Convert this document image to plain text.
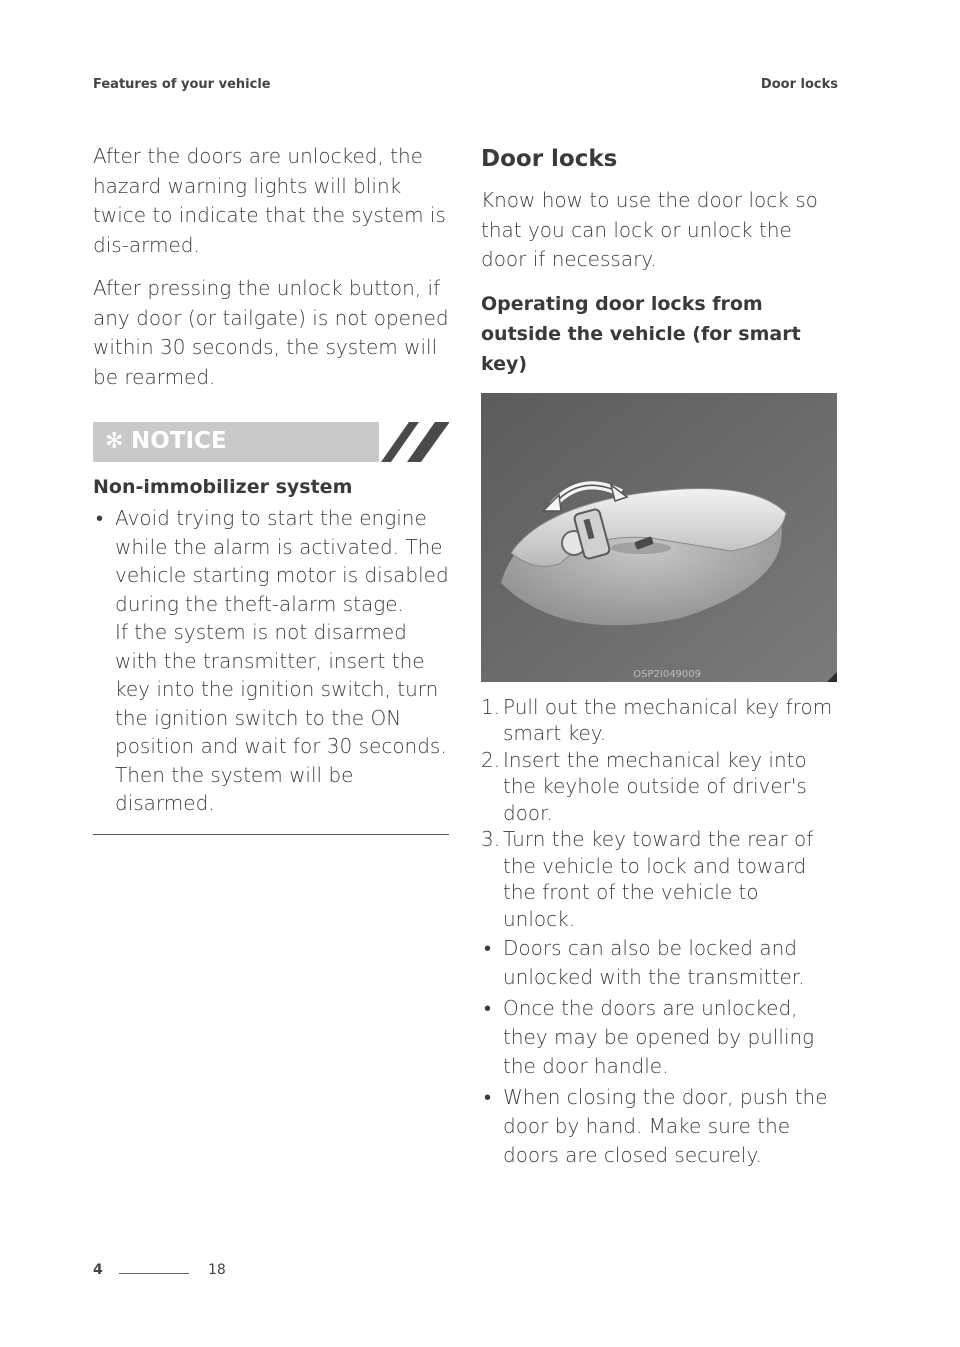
Features of your vehicle	Door locks

After the doors are unlocked, the hazard warning lights will blink twice to indicate that the system is dis-armed.

After pressing the unlock button, if any door (or tailgate) is not opened within 30 seconds, the system will be rearmed.

✻ NOTICE
Non-immobilizer system
• Avoid trying to start the engine while the alarm is activated. The vehicle starting motor is disabled during the theft-alarm stage.
If the system is not disarmed with the transmitter, insert the key into the ignition switch, turn the ignition switch to the ON position and wait for 30 seconds. Then the system will be disarmed.
Door locks

Know how to use the door lock so that you can lock or unlock the door if necessary.

Operating door locks from outside the vehicle (for smart key)
OSP2I049009
1. Pull out the mechanical key from smart key.
2. Insert the mechanical key into the keyhole outside of driver's door.
3. Turn the key toward the rear of the vehicle to lock and toward the front of the vehicle to unlock.
• Doors can also be locked and unlocked with the transmitter.
• Once the doors are unlocked, they may be opened by pulling the door handle.
• When closing the door, push the door by hand. Make sure the doors are closed securely.
4	18
